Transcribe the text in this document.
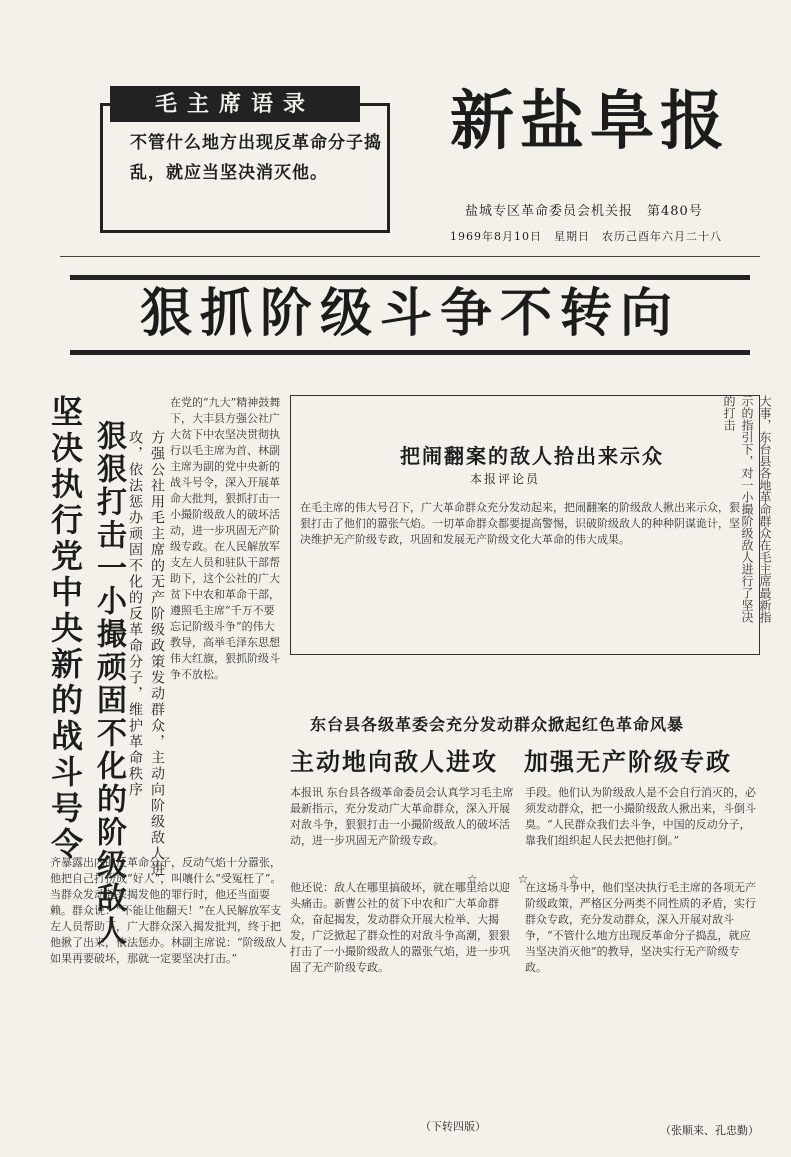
毛主席语录
不管什么地方出现反革命分子捣乱，就应当坚决消灭他。
新盐阜报
盐城专区革命委员会机关报　第480号
1969年8月10日　星期日　农历己酉年六月二十八
狠抓阶级斗争不转向
坚决执行党中央新的战斗号令 狠狠打击一小撮顽固不化的阶级敌人	方强公社用毛主席的无产阶级政策发动群众，主动向阶级敌人进攻，依法惩办顽固不化的反革命分子，维护革命秩序
在党的“九大”精神鼓舞下，大丰县方强公社广大贫下中农坚决贯彻执行以毛主席为首、林副主席为副的党中央新的战斗号令，深入开展革命大批判，狠抓打击一小撮阶级敌人的破坏活动，进一步巩固无产阶级专政。在人民解放军支左人员和驻队干部帮助下，这个公社的广大贫下中农和革命干部，遵照毛主席“千万不要忘记阶级斗争”的伟大教导，高举毛泽东思想伟大红旗，狠抓阶级斗争不放松。
齐暴露出内的反革命分子，反动气焰十分嚣张，他把自己打扮成“好人”，叫嚷什么“受冤枉了”。当群众发动起来揭发他的罪行时，他还当面耍赖。群众说：“不能让他翻天！”在人民解放军支左人员帮助下，广大群众深入揭发批判，终于把他揪了出来，依法惩办。林副主席说：“阶级敌人如果再要破坏，那就一定要坚决打击。”
把闹翻案的敌人拾出来示众
本报评论员
在毛主席的伟大号召下，广大革命群众充分发动起来，把闹翻案的阶级敌人揪出来示众，狠狠打击了他们的嚣张气焰。一切革命群众都要提高警惕，识破阶级敌人的种种阴谋诡计，坚决维护无产阶级专政，巩固和发展无产阶级文化大革命的伟大成果。	大事，东台县各地革命群众在毛主席最新指示的指引下，对一小撮阶级敌人进行了坚决的打击
东台县各级革委会充分发动群众掀起红色革命风暴
主动地向敌人进攻　加强无产阶级专政
本报讯 东台县各级革命委员会认真学习毛主席最新指示，充分发动广大革命群众，深入开展对敌斗争，狠狠打击一小撮阶级敌人的破坏活动，进一步巩固无产阶级专政。
手段。他们认为阶级敌人是不会自行消灭的，必须发动群众，把一小撮阶级敌人揪出来，斗倒斗臭。“人民群众我们去斗争，中国的反动分子，靠我们组织起人民去把他打倒。”
☆　☆　☆
他还说：敌人在哪里搞破坏，就在哪里给以迎头痛击。新曹公社的贫下中农和广大革命群众，奋起揭发，发动群众开展大检举、大揭发，广泛掀起了群众性的对敌斗争高潮，狠狠打击了一小撮阶级敌人的嚣张气焰，进一步巩固了无产阶级专政。
在这场斗争中，他们坚决执行毛主席的各项无产阶级政策，严格区分两类不同性质的矛盾，实行群众专政，充分发动群众，深入开展对敌斗争，“不管什么地方出现反革命分子捣乱，就应当坚决消灭他”的教导，坚决实行无产阶级专政。
（下转四版）	（张顺来、孔忠勤）
